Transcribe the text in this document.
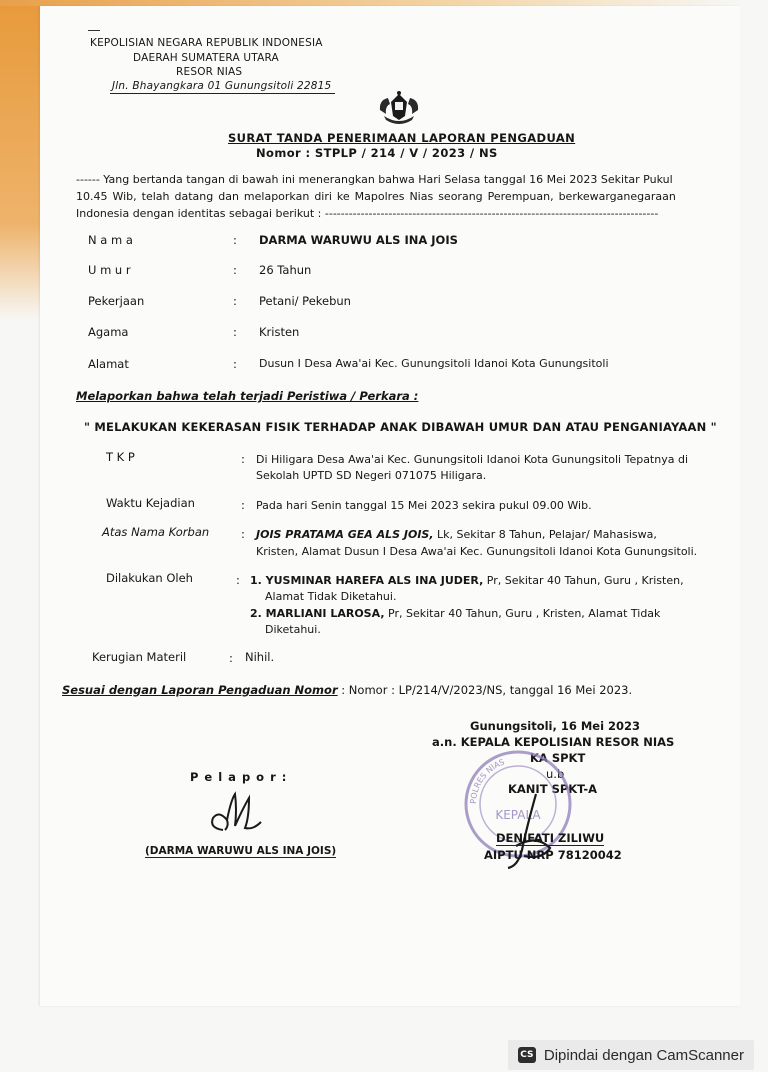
KEPOLISIAN NEGARA REPUBLIK INDONESIA
DAERAH SUMATERA UTARA
RESOR NIAS
Jln. Bhayangkara 01 Gunungsitoli 22815
SURAT TANDA PENERIMAAN LAPORAN PENGADUAN
Nomor : STPLP / 214 / V / 2023 / NS
------ Yang bertanda tangan di bawah ini menerangkan bahwa Hari Selasa tanggal 16 Mei 2023 Sekitar Pukul
10.45 Wib, telah datang dan melaporkan diri ke Mapolres Nias seorang Perempuan, berkewarganegaraan
Indonesia dengan identitas sebagai berikut : ------------------------------------------------------------------------------------
N a m a	: DARMA WARUWU ALS INA JOIS
U m u r	: 26 Tahun
Pekerjaan	: Petani/ Pekebun
Agama	: Kristen
Alamat	: Dusun I Desa Awa'ai Kec. Gunungsitoli Idanoi Kota Gunungsitoli
Melaporkan bahwa telah terjadi Peristiwa / Perkara :
" MELAKUKAN KEKERASAN FISIK TERHADAP ANAK DIBAWAH UMUR DAN ATAU PENGANIAYAAN "
T K P	: Di Hiligara Desa Awa'ai Kec. Gunungsitoli Idanoi Kota Gunungsitoli Tepatnya di
Sekolah UPTD SD Negeri 071075 Hiligara.
Waktu Kejadian	: Pada hari Senin tanggal 15 Mei 2023 sekira pukul 09.00 Wib.
Atas Nama Korban	: JOIS PRATAMA GEA ALS JOIS, Lk, Sekitar 8 Tahun, Pelajar/ Mahasiswa,
Kristen, Alamat Dusun I Desa Awa'ai Kec. Gunungsitoli Idanoi Kota Gunungsitoli.
Dilakukan Oleh	: 1. YUSMINAR HAREFA ALS INA JUDER, Pr, Sekitar 40 Tahun, Guru , Kristen,
Alamat Tidak Diketahui.
2. MARLIANI LAROSA, Pr, Sekitar 40 Tahun, Guru , Kristen, Alamat Tidak
Diketahui.
Kerugian Materil	: Nihil.
Sesuai dengan Laporan Pengaduan Nomor : Nomor : LP/214/V/2023/NS, tanggal 16 Mei 2023.
Gunungsitoli, 16 Mei 2023
a.n. KEPALA KEPOLISIAN RESOR NIAS
KA SPKT
u.b
KANIT SPKT-A
POLRES NIAS
KEPALA
DENIFATI ZILIWU
AIPTU NRP 78120042
P e l a p o r :
(DARMA WARUWU ALS INA JOIS)
CS Dipindai dengan CamScanner
